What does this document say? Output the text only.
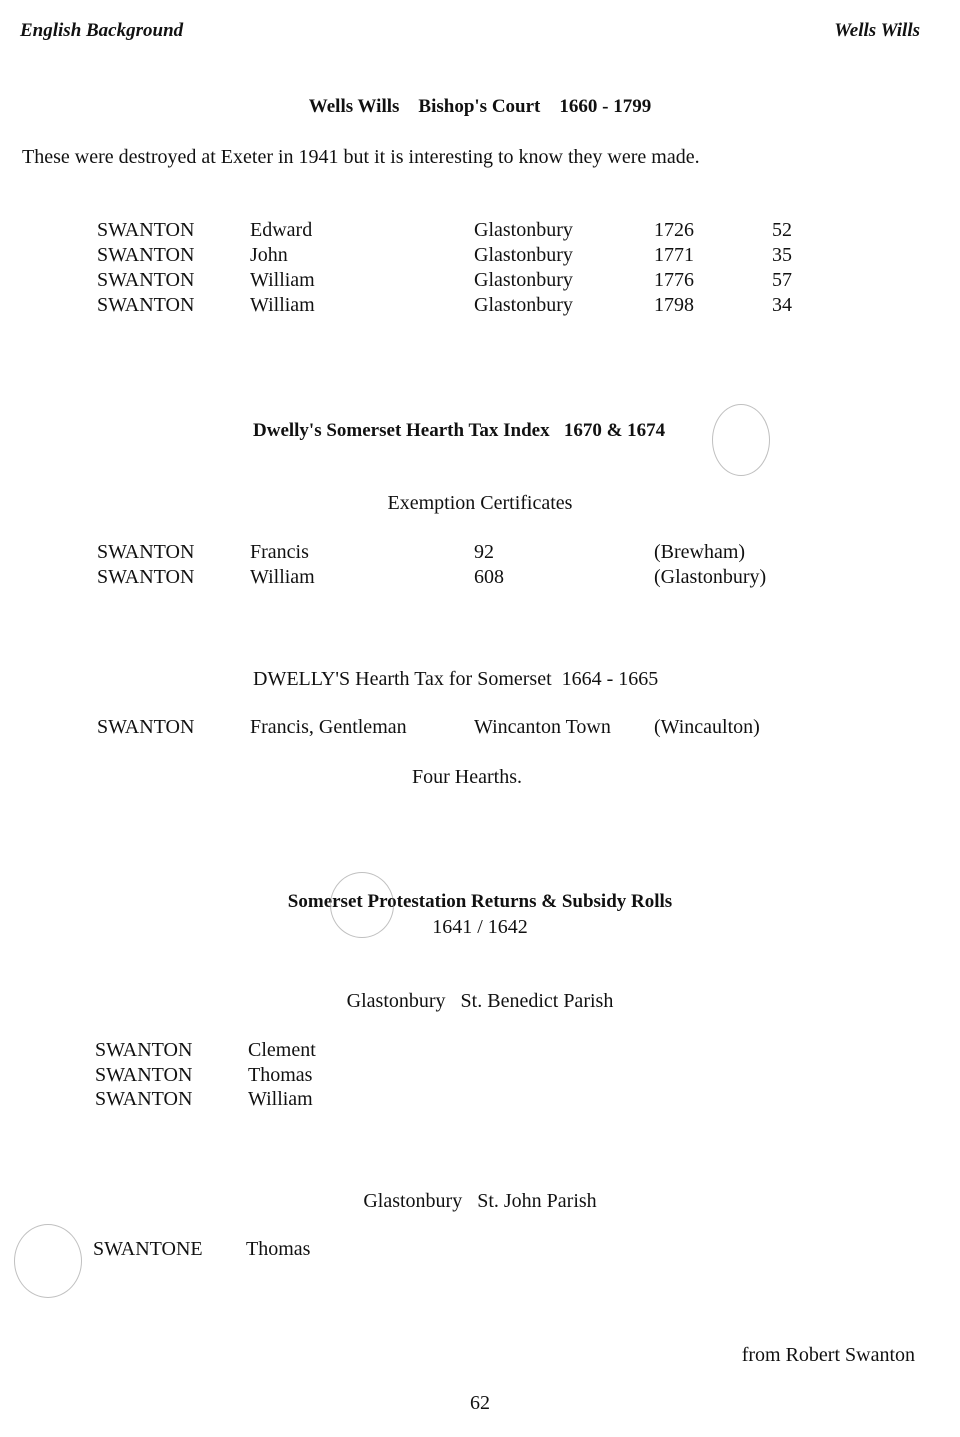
English Background	Wells Wills
Wells Wills    Bishop's Court    1660 - 1799
These were destroyed at Exeter in 1941 but it is interesting to know they were made.
SWANTON	Edward	Glastonbury	1726	52
SWANTON	John	Glastonbury	1771	35
SWANTON	William	Glastonbury	1776	57
SWANTON	William	Glastonbury	1798	34
Dwelly's Somerset Hearth Tax Index   1670 & 1674
Exemption Certificates
SWANTON	Francis	92	(Brewham)
SWANTON	William	608	(Glastonbury)
DWELLY'S Hearth Tax for Somerset  1664 - 1665
SWANTON	Francis, Gentleman	Wincanton Town (Wincaulton)
Four Hearths.
Somerset Protestation Returns & Subsidy Rolls
1641 / 1642
Glastonbury   St. Benedict Parish
SWANTON	Clement
SWANTON	Thomas
SWANTON	William
Glastonbury   St. John Parish
SWANTONE Thomas
from Robert Swanton
62
